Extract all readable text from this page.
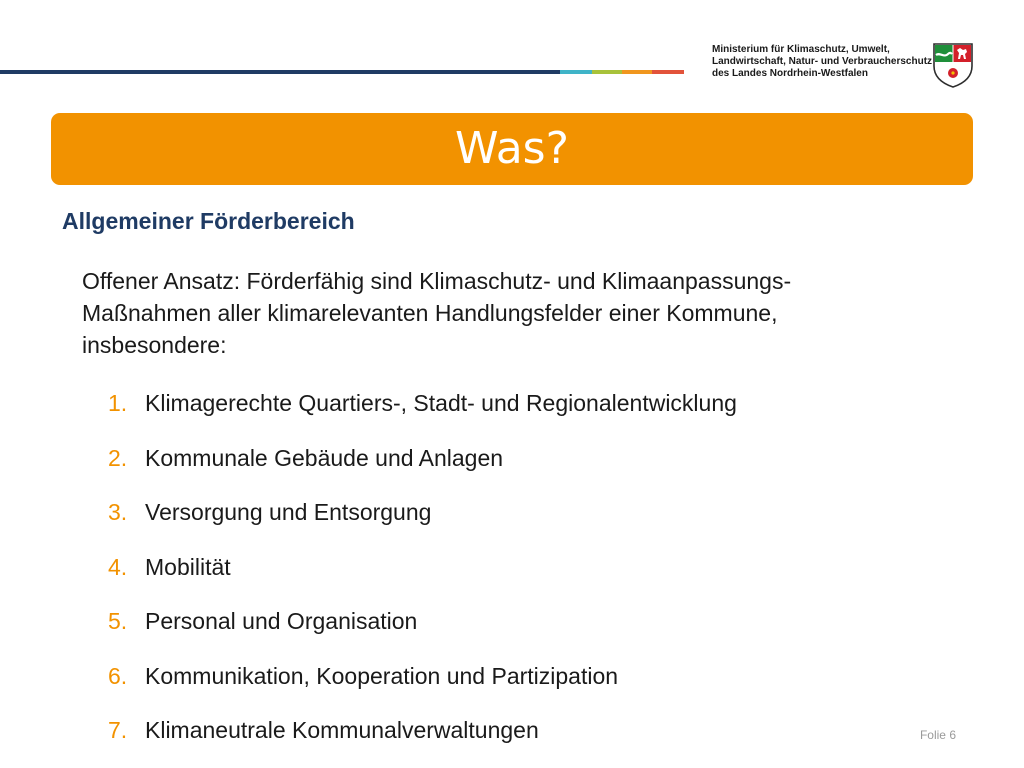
Ministerium für Klimaschutz, Umwelt,
Landwirtschaft, Natur- und Verbraucherschutz
des Landes Nordrhein-Westfalen
Was?
Allgemeiner Förderbereich
Offener Ansatz: Förderfähig sind Klimaschutz- und Klimaanpassungs-
Maßnahmen aller klimarelevanten Handlungsfelder einer Kommune,
insbesondere:
1. Klimagerechte Quartiers-, Stadt- und Regionalentwicklung
2. Kommunale Gebäude und Anlagen
3. Versorgung und Entsorgung
4. Mobilität
5. Personal und Organisation
6. Kommunikation, Kooperation und Partizipation
7. Klimaneutrale Kommunalverwaltungen	Folie 6
